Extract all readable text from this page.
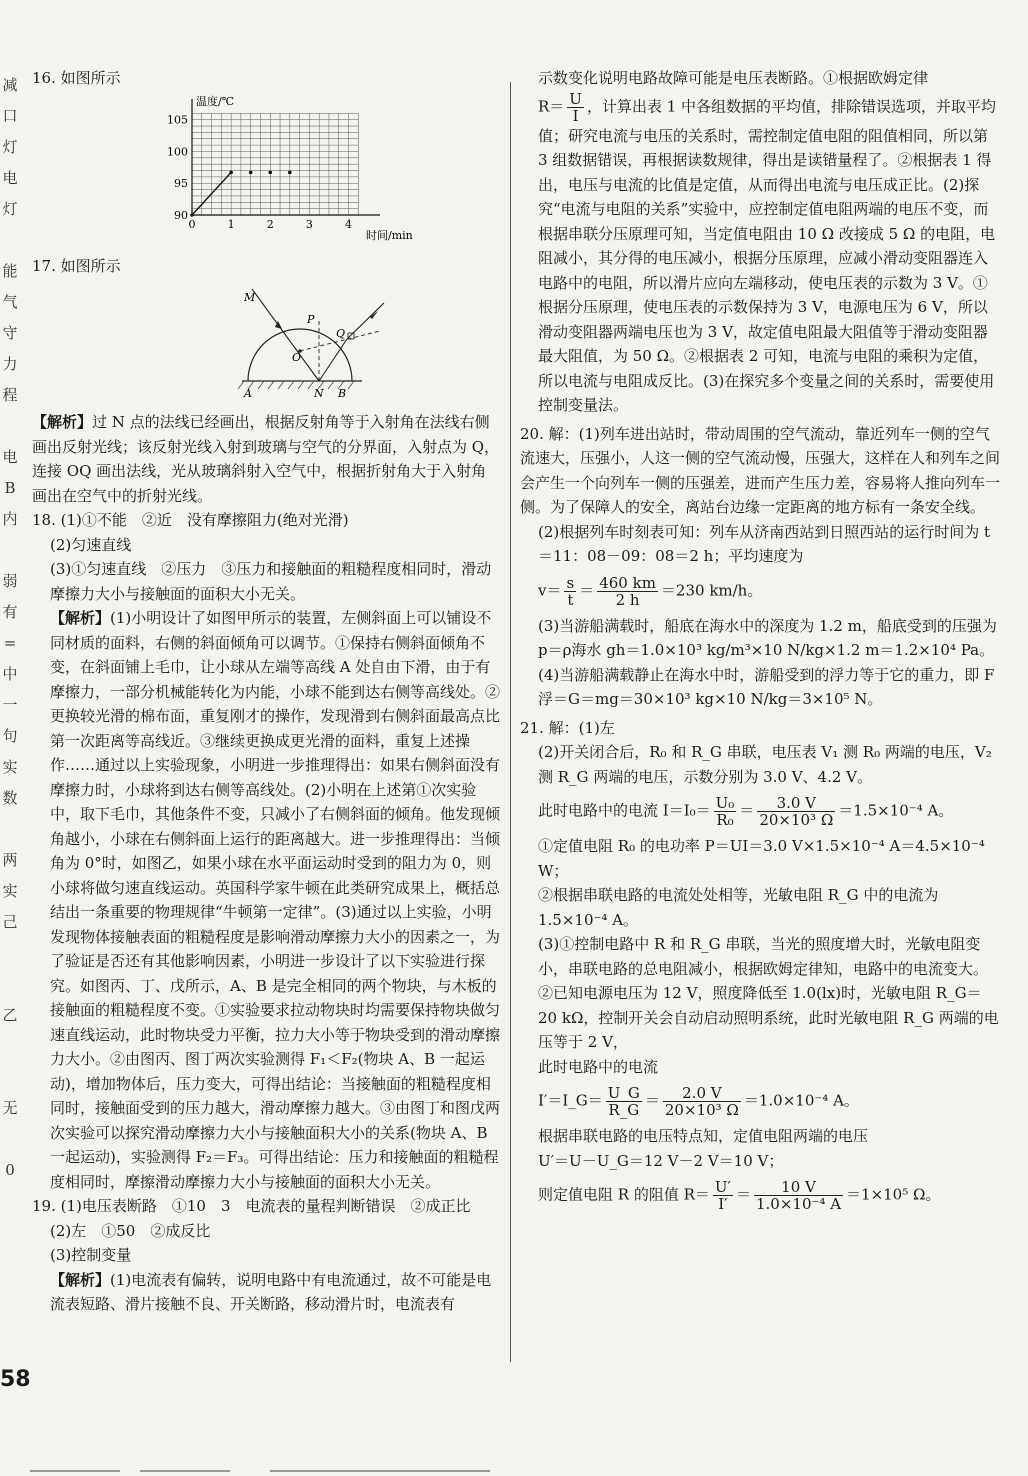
减
口
灯
电
灯

能
气
守
力
程

电
B
内

弱
有
=
中
一
句
实
数

两
实
己

乙

无

0

16. 如图所示

0	1	2	3	4
90
95
100
105
温度/℃
时间/min

17. 如图所示

M
P
Q
O
A	N B

【解析】过 N 点的法线已经画出，根据反射角等于入射角在法线右侧画出反射光线；该反射光线入射到玻璃与空气的分界面，入射点为 Q，连接 OQ 画出法线，光从玻璃斜射入空气中，根据折射角大于入射角画出在空气中的折射光线。

18. (1)①不能　②近　没有摩擦阻力(绝对光滑)

(2)匀速直线

(3)①匀速直线　②压力　③压力和接触面的粗糙程度相同时，滑动摩擦力大小与接触面的面积大小无关。

【解析】(1)小明设计了如图甲所示的装置，左侧斜面上可以铺设不同材质的面料，右侧的斜面倾角可以调节。①保持右侧斜面倾角不变，在斜面铺上毛巾，让小球从左端等高线 A 处自由下滑，由于有摩擦力，一部分机械能转化为内能，小球不能到达右侧等高线处。②更换较光滑的棉布面，重复刚才的操作，发现滑到右侧斜面最高点比第一次距离等高线近。③继续更换成更光滑的面料，重复上述操作……通过以上实验现象，小明进一步推理得出：如果右侧斜面没有摩擦力时，小球将到达右侧等高线处。(2)小明在上述第①次实验中，取下毛巾，其他条件不变，只减小了右侧斜面的倾角。他发现倾角越小，小球在右侧斜面上运行的距离越大。进一步推理得出：当倾角为 0°时，如图乙，如果小球在水平面运动时受到的阻力为 0，则小球将做匀速直线运动。英国科学家牛顿在此类研究成果上，概括总结出一条重要的物理规律“牛顿第一定律”。(3)通过以上实验，小明发现物体接触表面的粗糙程度是影响滑动摩擦力大小的因素之一，为了验证是否还有其他影响因素，小明进一步设计了以下实验进行探究。如图丙、丁、戊所示，A、B 是完全相同的两个物块，与木板的接触面的粗糙程度不变。①实验要求拉动物块时均需要保持物块做匀速直线运动，此时物块受力平衡，拉力大小等于物块受到的滑动摩擦力大小。②由图丙、图丁两次实验测得 F₁＜F₂(物块 A、B 一起运动)，增加物体后，压力变大，可得出结论：当接触面的粗糙程度相同时，接触面受到的压力越大，滑动摩擦力越大。③由图丁和图戊两次实验可以探究滑动摩擦力大小与接触面积大小的关系(物块 A、B 一起运动)，实验测得 F₂＝F₃。可得出结论：压力和接触面的粗糙程度相同时，摩擦滑动摩擦力大小与接触面的面积大小无关。

19. (1)电压表断路　①10　3　电流表的量程判断错误　②成正比

(2)左　①50　②成反比

(3)控制变量

【解析】(1)电流表有偏转，说明电路中有电流通过，故不可能是电流表短路、滑片接触不良、开关断路，移动滑片时，电流表有

示数变化说明电路故障可能是电压表断路。①根据欧姆定律

$R= \frac{U}{I}$ ，计算出表 1 中各组数据的平均值，排除错误选项，并取平均值；研究电流与电压的关系时，需控制定值电阻的阻值相同，所以第 3 组数据错误，再根据读数规律，得出是读错量程了。②根据表 1 得出，电压与电流的比值是定值，从而得出电流与电压成正比。(2)探究“电流与电阻的关系”实验中，应控制定值电阻两端的电压不变，而根据串联分压原理可知，当定值电阻由 10 Ω 改接成 5 Ω 的电阻，电阻减小，其分得的电压减小，根据分压原理，应减小滑动变阻器连入电路中的电阻，所以滑片应向左端移动，使电压表的示数为 3 V。①根据分压原理，使电压表的示数保持为 3 V，电源电压为 6 V，所以滑动变阻器两端电压也为 3 V，故定值电阻最大阻值等于滑动变阻器最大阻值，为 50 Ω。②根据表 2 可知，电流与电阻的乘积为定值，所以电流与电阻成反比。(3)在探究多个变量之间的关系时，需要使用控制变量法。

20. 解：(1)列车进出站时，带动周围的空气流动，靠近列车一侧的空气流速大，压强小，人这一侧的空气流动慢，压强大，这样在人和列车之间会产生一个向列车一侧的压强差，进而产生压力差，容易将人推向列车一侧。为了保障人的安全，离站台边缘一定距离的地方标有一条安全线。

(2)根据列车时刻表可知：列车从济南西站到日照西站的运行时间为 t＝11：08－09：08＝2 h；平均速度为

$v= \frac{s}{t} = \frac{460 km}{2 h} =230$ km/h。

(3)当游船满载时，船底在海水中的深度为 1.2 m，船底受到的压强为

p＝ρ海水 gh＝1.0×10³ kg/m³×10 N/kg×1.2 m＝1.2×10⁴ Pa。

(4)当游船满载静止在海水中时，游船受到的浮力等于它的重力，即 F浮＝G＝mg＝30×10³ kg×10 N/kg＝3×10⁵ N。

21. 解：(1)左

(2)开关闭合后，R₀ 和 R_G 串联，电压表 V₁ 测 R₀ 两端的电压，V₂ 测 R_G 两端的电压，示数分别为 3.0 V、4.2 V。

此时电路中的电流 $I=I_0= \frac{\text{U₀}}{\text{R₀}} = \frac{3.0 V}{\text{20×10³ Ω}} =1.5\times 10^{-4}$ A。

①定值电阻 R₀ 的电功率 P＝UI＝3.0 V×1.5×10⁻⁴ A＝4.5×10⁻⁴ W；

②根据串联电路的电流处处相等，光敏电阻 R_G 中的电流为 1.5×10⁻⁴ A。

(3)①控制电路中 R 和 R_G 串联，当光的照度增大时，光敏电阻变小，串联电路的总电阻减小，根据欧姆定律知，电路中的电流变大。

②已知电源电压为 12 V，照度降低至 1.0(lx)时，光敏电阻 R_G＝20 kΩ，控制开关会自动启动照明系统，此时光敏电阻 R_G 两端的电压等于 2 V，

此时电路中的电流

I′＝I_G＝ $\frac{U\_G}{R\_G} = \frac{2.0 V}{\text{20×10³ Ω}} =1.0\times 10^{-4}$ A。

根据串联电路的电压特点知，定值电阻两端的电压

U′＝U－U_G＝12 V－2 V＝10 V；

则定值电阻 R 的阻值 $R= \frac{U'}{I'} = \frac{10 V}{\text{1.0×10⁻⁴ A}} =1\times 10^5$ Ω。

58
